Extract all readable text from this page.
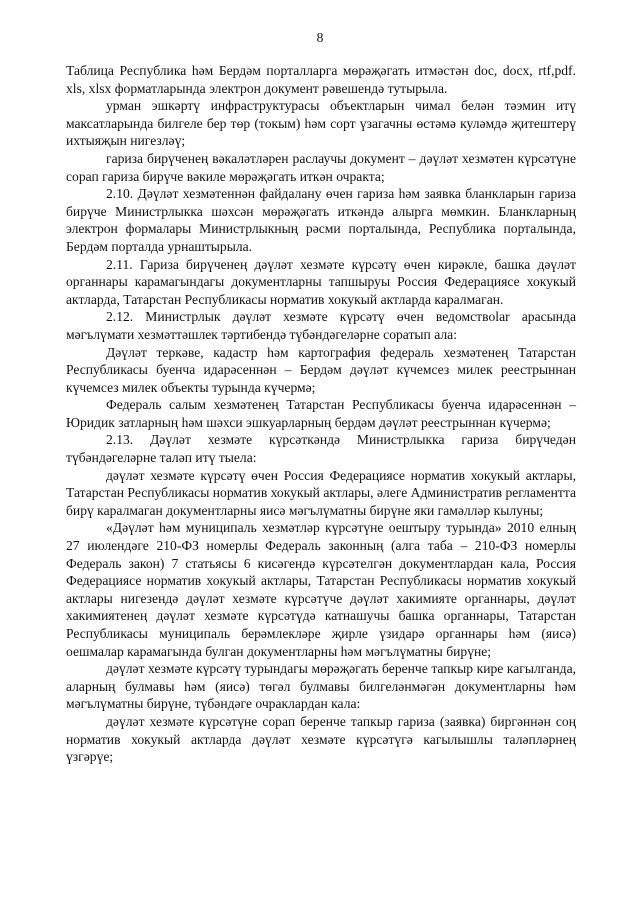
8

Таблица Республика һәм Бердәм порталларга мөрәҗәгать итмәстән doc, docx, rtf,pdf. xls, xlsx форматларында электрон документ рәвешендә тутырыла.

урман эшкәртү инфраструктурасы объектларын чимал белән тәэмин итү максатларында билгеле бер төр (токым) һәм сорт үзагачны өстәмә куләмдә җитештерү ихтыяҗын нигезләү;

гариза бирүченең вәкаләтләрен раслаучы документ – дәүләт хезмәтен күрсәтүне сорап гариза бирүче вәкиле мөрәҗәгать иткән очракта;

2.10. Дәүләт хезмәтеннән файдалану өчен гариза һәм заявка бланкларын гариза бирүче Министрлыкка шәхсән мөрәҗәгать иткәндә алырга мөмкин. Бланкларның электрон формалары Министрлыкның рәсми порталында, Республика порталында, Бердәм порталда урнаштырыла.

2.11. Гариза бирүченең дәүләт хезмәте күрсәтү өчен кирәкле, башка дәүләт органнары карамагындагы документларны тапшыруы Россия Федерациясе хокукый актларда, Татарстан Республикасы норматив хокукый актларда каралмаган.

2.12. Министрлык дәүләт хезмәте күрсәтү өчен ведомствolar арасында мәгълүмати хезмәттәшлек тәртибендә түбәндәгеләрне соратып ала:

Дәүләт теркәве, кадастр һәм картография федераль хезмәтенең Татарстан Республикасы буенча идарәсеннән – Бердәм дәүләт күчемсез милек реестрыннан күчемсез милек объекты турында күчермә;

Федераль салым хезмәтенең Татарстан Республикасы буенча идарәсеннән – Юридик затларның һәм шәхси эшкуарларның бердәм дәүләт реестрыннан күчермә;

2.13. Дәүләт хезмәте күрсәткәндә Министрлыкка гариза бирүчедән түбәндәгеләрне таләп итү тыела:

дәүләт хезмәте күрсәтү өчен Россия Федерациясе норматив хокукый актлары, Татарстан Республикасы норматив хокукый актлары, әлеге Административ регламентта бирү каралмаган документларны яисә мәгълүматны бирүне яки гамәлләр кылуны;

«Дәүләт һәм муниципаль хезмәтләр күрсәтүне оештыру турында» 2010 елның 27 июлендәге 210-ФЗ номерлы Федераль законның (алга таба – 210-ФЗ номерлы Федераль закон) 7 статьясы 6 кисәгендә күрсәтелгән документлардан кала, Россия Федерациясе норматив хокукый актлары, Татарстан Республикасы норматив хокукый актлары нигезендә дәүләт хезмәте күрсәтүче дәүләт хакимияте органнары, дәүләт хакимиятенең дәүләт хезмәте күрсәтүдә катнашучы башка органнары, Татарстан Республикасы муниципаль берәмлекләре җирле үзидарә органнары һәм (яисә) оешмалар карамагында булган документларны һәм мәгълүматны бирүне;

дәүләт хезмәте күрсәтү турындагы мөрәҗәгать беренче тапкыр кире кагылганда, аларның булмавы һәм (яисә) төгәл булмавы билгеләнмәгән документларны һәм мәгълүматны бирүне, түбәндәге очраклардан кала:

дәүләт хезмәте күрсәтүне сорап беренче тапкыр гариза (заявка) биргәннән соң норматив хокукый актларда дәүләт хезмәте күрсәтүгә кагылышлы таләпләрнең үзгәрүе;
